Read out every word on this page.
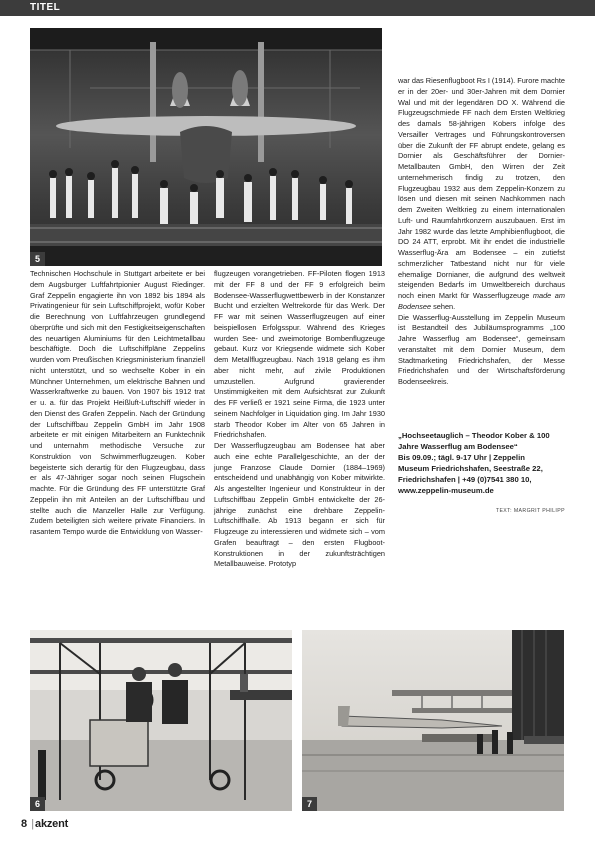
TITEL
5

Technischen Hochschule in Stuttgart arbeitete er bei dem Augsburger Luftfahrtpionier August Riedinger. Graf Zeppelin engagierte ihn von 1892 bis 1894 als Privatingenieur für sein Luftschiffprojekt, wofür Kober die Berechnung von Luftfahrzeugen grundlegend überprüfte und sich mit den Festigkeitseigenschaften des neuartigen Aluminiums für den Leichtmetallbau beschäftigte. Doch die Luftschiffpläne Zeppelins wurden vom Preußischen Kriegsministerium finanziell nicht unterstützt, und so wechselte Kober in ein Münchner Unternehmen, um elektrische Bahnen und Wasserkraftwerke zu bauen. Von 1907 bis 1912 trat er u. a. für das Projekt Heißluft-Luftschiff wieder in den Dienst des Grafen Zeppelin. Nach der Gründung der Luftschiffbau Zeppelin GmbH im Jahr 1908 arbeitete er mit einigen Mitarbeitern an Funktechnik und unternahm methodische Versuche zur Konstruktion von Schwimmerflugzeugen. Kober begeisterte sich derartig für den Flugzeugbau, dass er als 47-Jähriger sogar noch seinen Flugschein machte. Für die Gründung des FF unterstützte Graf Zeppelin ihn mit Anteilen an der Luftschiffbau und stellte auch die Manzeller Halle zur Verfügung. Zudem beteiligten sich weitere private Financiers. In rasantem Tempo wurde die Entwicklung von Wasser-

flugzeugen vorangetrieben. FF-Piloten flogen 1913 mit der FF 8 und der FF 9 erfolgreich beim Bodensee-Wasserflugwettbewerb in der Konstanzer Bucht und erzielten Weltrekorde für das Werk. Der FF war mit seinen Wasserflugzeugen auf einer beispiellosen Erfolgsspur. Während des Krieges wurden See- und zweimotorige Bombenflugzeuge gebaut. Kurz vor Kriegsende widmete sich Kober dem Metallflugzeugbau. Nach 1918 gelang es ihm aber nicht mehr, auf zivile Produktionen umzustellen. Aufgrund gravierender Unstimmigkeiten mit dem Aufsichtsrat zur Zukunft des FF verließ er 1921 seine Firma, die 1923 unter seinem Nachfolger in Liquidation ging. Im Jahr 1930 starb Theodor Kober im Alter von 65 Jahren in Friedrichshafen.

Der Wasserflugzeugbau am Bodensee hat aber auch eine echte Parallelgeschichte, an der der junge Franzose Claude Dornier (1884–1969) entscheidend und unabhängig von Kober mitwirkte. Als angestellter Ingenieur und Konstrukteur in der Luftschiffbau Zeppelin GmbH entwickelte der 26-jährige zunächst eine drehbare Zeppelin-Luftschiffhalle. Ab 1913 begann er sich für Flugzeuge zu interessieren und widmete sich – vom Grafen beauftragt – den ersten Flugboot-Konstruktionen in der zukunftsträchtigen Metallbauweise. Prototyp

war das Riesenflugboot Rs I (1914). Furore machte er in der 20er- und 30er-Jahren mit dem Dornier Wal und mit der legendären DO X. Während die Flugzeugschmiede FF nach dem Ersten Weltkrieg des damals 58-jährigen Kobers infolge des Versailler Vertrages und Führungskontroversen über die Zukunft der FF abrupt endete, gelang es Dornier als Geschäftsführer der Dornier-Metallbauten GmbH, den Wirren der Zeit unternehmerisch findig zu trotzen, den Flugzeugbau 1932 aus dem Zeppelin-Konzern zu lösen und diesen mit seinen Nachkommen nach dem Zweiten Weltkrieg zu einem internationalen Luft- und Raumfahrtkonzern auszubauen. Erst im Jahr 1982 wurde das letzte Amphibienflugboot, die DO 24 ATT, erprobt. Mit ihr endet die industrielle Wasserflug-Ära am Bodensee – ein zutiefst schmerzlicher Tatbestand nicht nur für viele ehemalige Dornianer, die aufgrund des weltweit steigenden Bedarfs im Umweltbereich durchaus noch einen Markt für Wasserflugzeuge made am Bodensee sehen.

Die Wasserflug-Ausstellung im Zeppelin Museum ist Bestandteil des Jubiläumsprogramms „100 Jahre Wasserflug am Bodensee“, gemeinsam veranstaltet mit dem Dornier Museum, dem Stadtmarketing Friedrichshafen, der Messe Friedrichshafen und der Wirtschaftsförderung Bodenseekreis.

„Hochseetauglich – Theodor Kober & 100
Jahre Wasserflug am Bodensee“
Bis 09.09.; tägl. 9-17 Uhr | Zeppelin
Museum Friedrichshafen, Seestraße 22,
Friedrichshafen | +49 (0)7541 380 10,
www.zeppelin-museum.de
TEXT: MARGRIT PHILIPP
6	7
8 |akzent
